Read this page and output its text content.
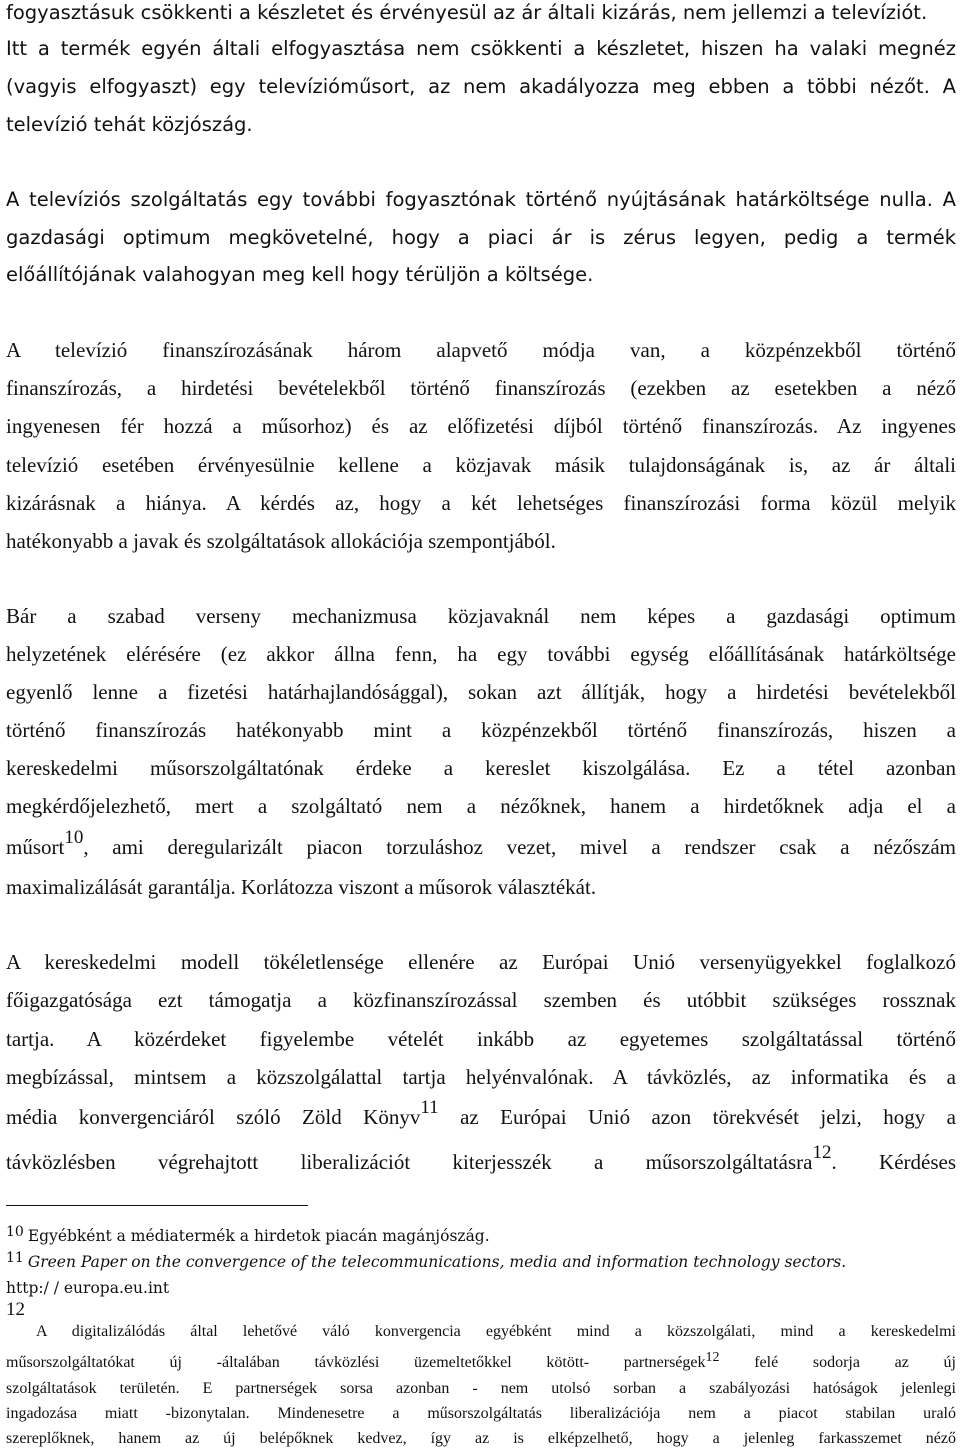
fogyasztásuk csökkenti a készletet és érvényesül az ár általi kizárás, nem jellemzi a televíziót.
Itt a termék egyén általi elfogyasztása nem csökkenti a készletet, hiszen ha valaki megnéz
(vagyis elfogyaszt) egy televízióműsort, az nem akadályozza meg ebben a többi nézőt. A
televízió tehát közjószág.
A televíziós szolgáltatás egy további fogyasztónak történő nyújtásának határköltsége nulla. A
gazdasági optimum megkövetelné, hogy a piaci ár is zérus legyen, pedig a termék
előállítójának valahogyan meg kell hogy térüljön a költsége.
A televízió finanszírozásának három alapvető módja van, a közpénzekből történő
finanszírozás, a hirdetési bevételekből történő finanszírozás (ezekben az esetekben a néző
ingyenesen fér hozzá a műsorhoz) és az előfizetési díjból történő finanszírozás. Az ingyenes
televízió esetében érvényesülnie kellene a közjavak másik tulajdonságának is, az ár általi
kizárásnak a hiánya. A kérdés az, hogy a két lehetséges finanszírozási forma közül melyik
hatékonyabb a javak és szolgáltatások allokációja szempontjából.
Bár a szabad verseny mechanizmusa közjavaknál nem képes a gazdasági optimum
helyzetének elérésére (ez akkor állna fenn, ha egy további egység előállításának határköltsége
egyenlő lenne a fizetési határhajlandósággal), sokan azt állítják, hogy a hirdetési bevételekből
történő finanszírozás hatékonyabb mint a közpénzekből történő finanszírozás, hiszen a
kereskedelmi műsorszolgáltatónak érdeke a kereslet kiszolgálása. Ez a tétel azonban
megkérdőjelezhető, mert a szolgáltató nem a nézőknek, hanem a hirdetőknek adja el a
műsort$^{10}$, ami deregularizált piacon torzuláshoz vezet, mivel a rendszer csak a nézőszám
maximalizálását garantálja. Korlátozza viszont a műsorok választékát.
A kereskedelmi modell tökéletlensége ellenére az Európai Unió versenyügyekkel foglalkozó
főigazgatósága ezt támogatja a közfinanszírozással szemben és utóbbit szükséges rossznak
tartja. A közérdeket figyelembe vételét inkább az egyetemes szolgáltatással történő
megbízással, mintsem a közszolgálattal tartja helyénvalónak. A távközlés, az informatika és a
média konvergenciáról szóló Zöld Könyv$^{11}$ az Európai Unió azon törekvését jelzi, hogy a
távközlésben végrehajtott liberalizációt kiterjesszék a műsorszolgáltatásra$^{12}$. Kérdéses
10 Egyébként a médiatermék a hirdetok piacán magánjószág.
11 Green Paper on the convergence of the telecommunications, media and information technology sectors.
http:/ / europa.eu.int
12
A digitalizálódás által lehetővé váló konvergencia egyébként mind a közszolgálati, mind a kereskedelmi
műsorszolgáltatókat új -általában távközlési üzemeltetőkkel kötött- partnerségek12 felé sodorja az új
szolgáltatások területén. E partnerségek sorsa azonban - nem utolsó sorban a szabályozási hatóságok jelenlegi
ingadozása miatt -bizonytalan. Mindenesetre a műsorszolgáltatás liberalizációja nem a piacot stabilan uraló
szereplőknek, hanem az új belépőknek kedvez, így az is elképzelhető, hogy a jelenleg farkasszemet néző
